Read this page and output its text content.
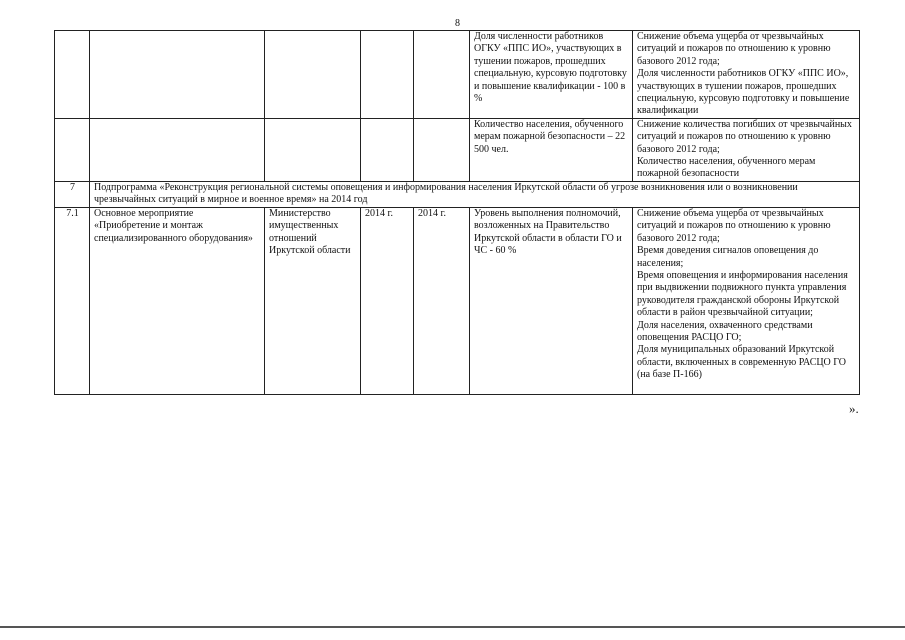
8
					Доля численности работников ОГКУ «ППС ИО», участвующих в тушении пожаров, прошедших специальную, курсовую подготовку и повышение квалификации - 100 в %	Снижение объема ущерба от чрезвычайных ситуаций и пожаров по отношению к уровню базового 2012 года;
Доля численности работников ОГКУ «ППС ИО», участвующих в тушении пожаров, прошедших специальную, курсовую подготовку и повышение квалификации
					Количество населения, обученного мерам пожарной безопасности – 22 500 чел.	Снижение количества погибших от чрезвычайных ситуаций и пожаров по отношению к уровню базового 2012 года;
Количество населения, обученного мерам пожарной безопасности
7	Подпрограмма «Реконструкция региональной системы оповещения и информирования населения Иркутской области об угрозе возникновения или о возникновении чрезвычайных ситуаций в мирное и военное время» на 2014 год					
7.1	Основное мероприятие «Приобретение и монтаж специализированного оборудования»	Министерство имущественных отношений Иркутской области	2014 г.	2014 г.	Уровень выполнения полномочий, возложенных на Правительство Иркутской области в области ГО и ЧС - 60 %	Снижение объема ущерба от чрезвычайных ситуаций и пожаров по отношению к уровню базового 2012 года;
Время доведения сигналов оповещения до населения;
Время оповещения и информирования населения при выдвижении подвижного пункта управления руководителя гражданской обороны Иркутской области в район чрезвычайной ситуации;
Доля населения, охваченного средствами оповещения РАСЦО ГО;
Доля муниципальных образований Иркутской области, включенных в современную РАСЦО ГО (на базе П-166)
».
